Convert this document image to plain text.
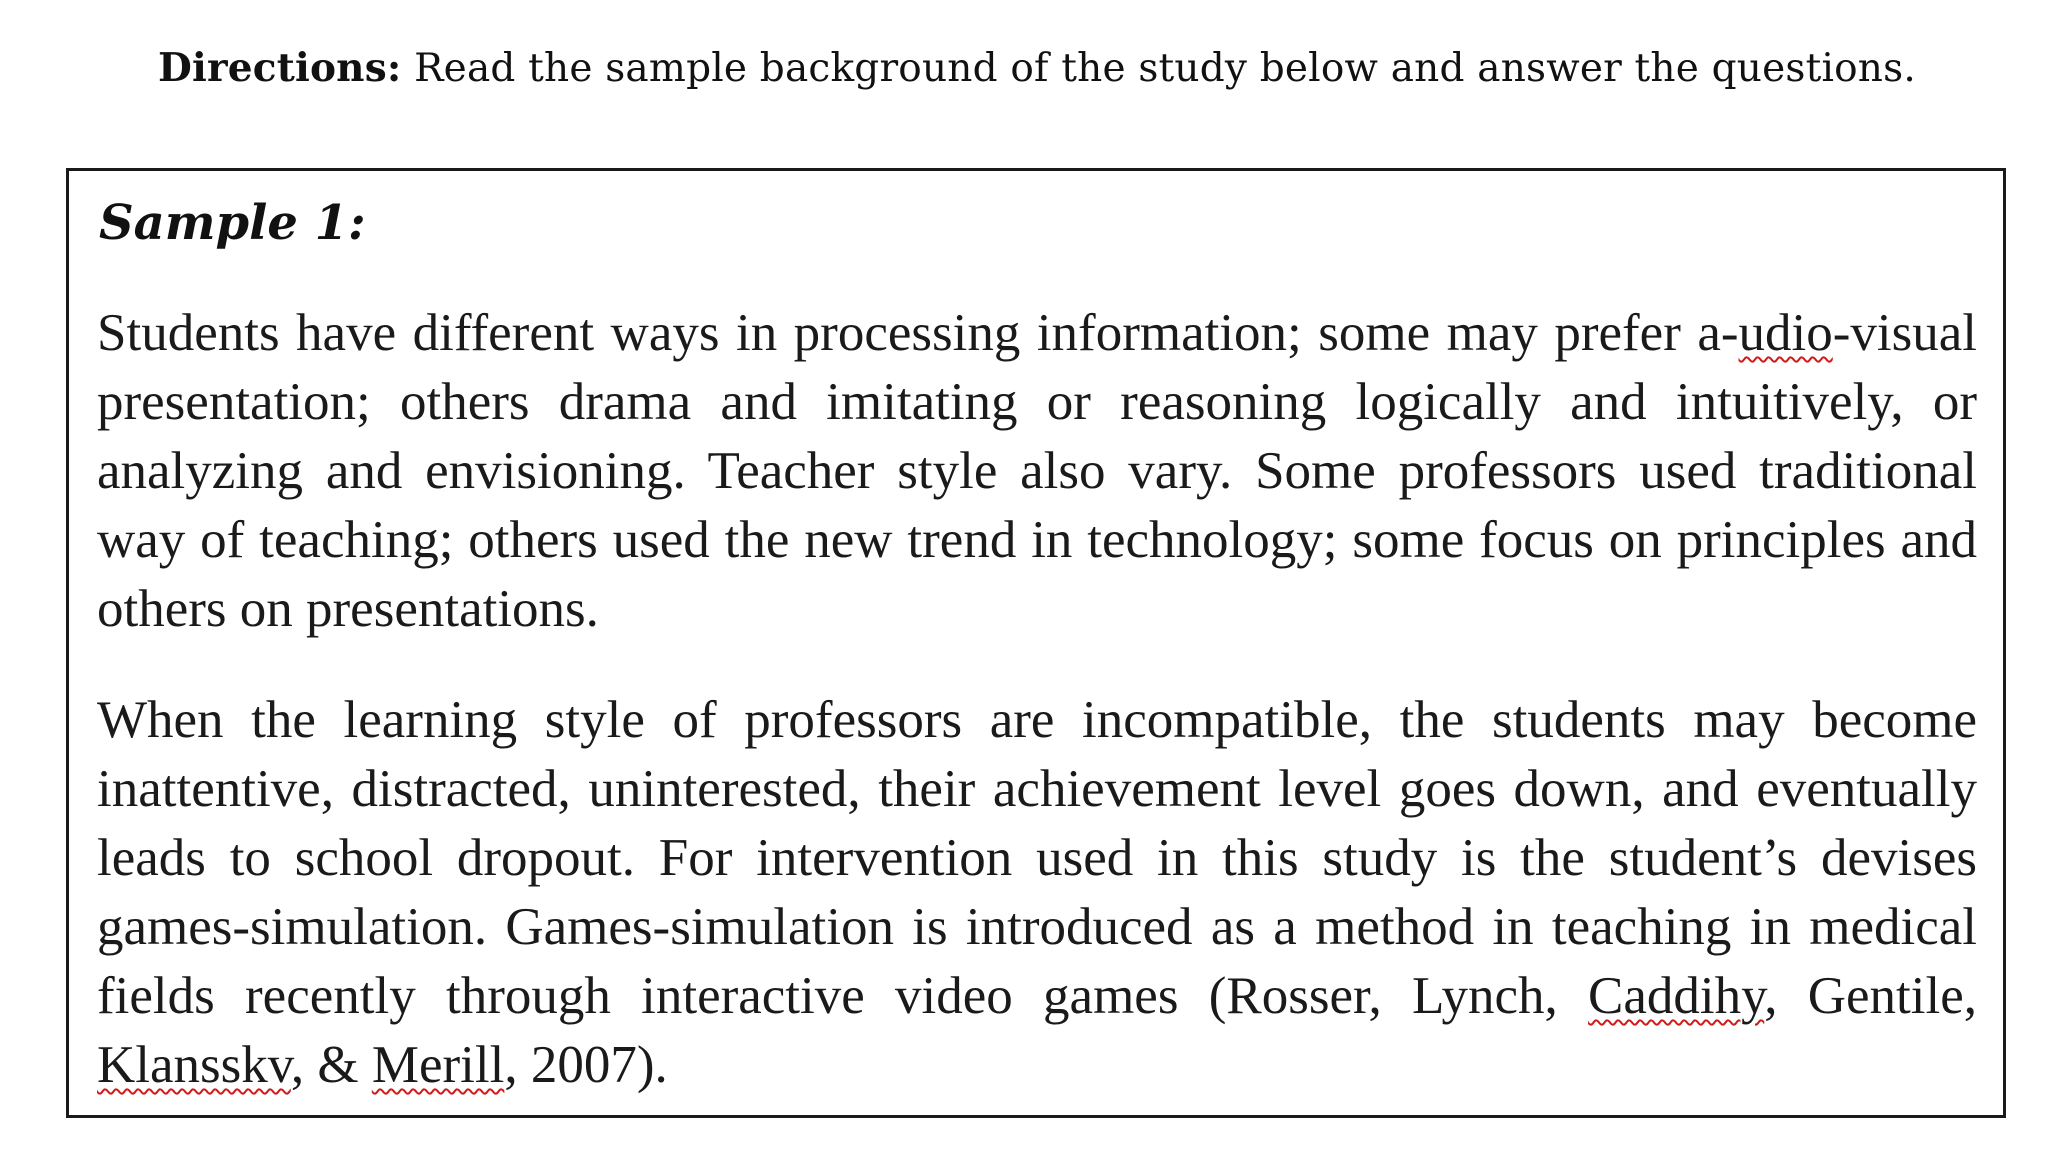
Directions: Read the sample background of the study below and answer the questions.
Sample 1:

Students have different ways in processing information; some may prefer a-udio-visual presentation; others drama and imitating or reasoning logically and intuitively, or analyzing and envisioning. Teacher style also vary. Some professors used traditional way of teaching; others used the new trend in technology; some focus on principles and others on presentations.

When the learning style of professors are incompatible, the students may become inattentive, distracted, uninterested, their achievement level goes down, and eventually leads to school dropout. For intervention used in this study is the student’s devises games-simulation. Games-simulation is introduced as a method in teaching in medical fields recently through interactive video games (Rosser, Lynch, Caddihy, Gentile, Klansskv, & Merill, 2007).
